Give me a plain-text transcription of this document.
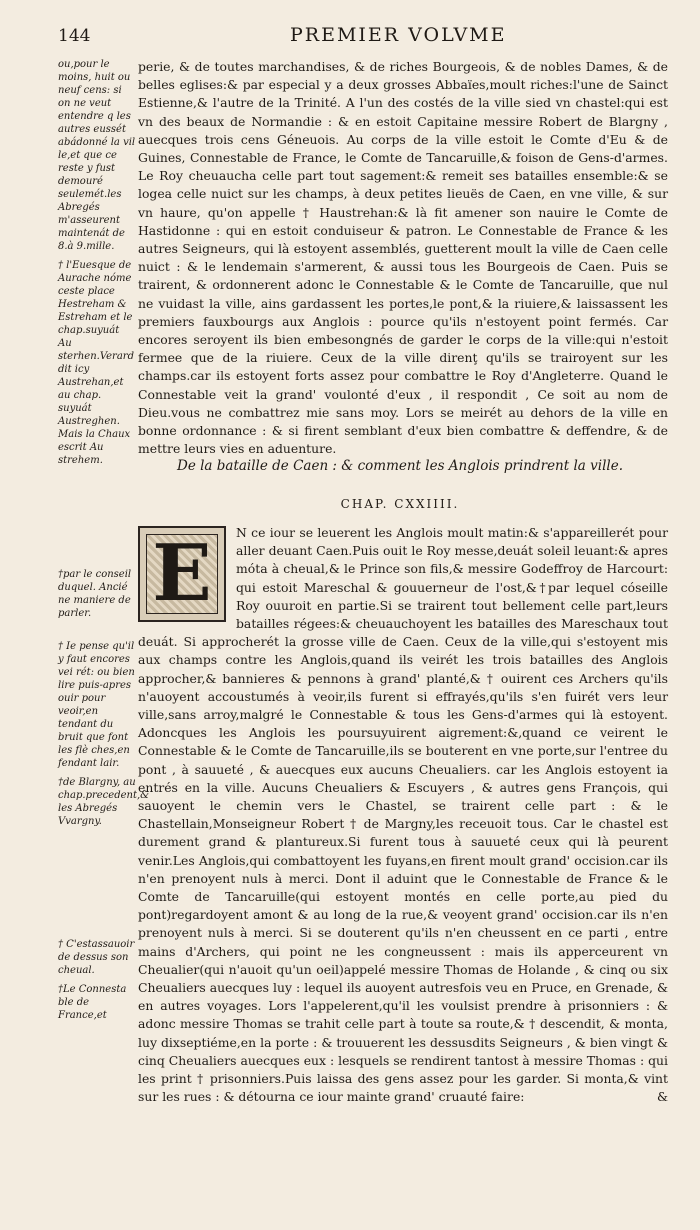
144	PREMIER VOLVME

ou,pour le moins, huit ou neuf cens: si on ne veut entendre q les autres eussét abádonné la vil le,et que ce reste y fust demouré seulemét.les Abregés m'asseurent maintenát de 8.à 9.mille.

† l'Euesque de Aurache nóme ceste place Hestreham & Estreham et le chap.suyuát Au sterhen.Verard dit icy Austrehan,et au chap. suyuát Austreghen. Mais la Chaux escrit Au strehem.

perie, & de toutes marchandises, & de riches Bourgeois, & de nobles Dames, & de belles eglises:& par especial y a deux grosses Abbaïes,moult riches:l'une de Sainct Estienne,& l'autre de la Trinité. A l'un des costés de la ville sied vn chastel:qui est vn des beaux de Normandie : & en estoit Capitaine messire Robert de Blargny , auecques trois cens Géneuois. Au corps de la ville estoit le Comte d'Eu & de Guines, Connestable de France, le Comte de Tancaruille,& foison de Gens-d'armes. Le Roy cheuaucha celle part tout sagement:& remeit ses batailles ensemble:& se logea celle nuict sur les champs, à deux petites lieuës de Caen, en vne ville, & sur vn haure, qu'on appelle † Haustrehan:& là fit amener son nauire le Comte de Hastidonne : qui en estoit conduiseur & patron. Le Connestable de France & les autres Seigneurs, qui là estoyent assemblés, guetterent moult la ville de Caen celle nuict : & le lendemain s'armerent, & aussi tous les Bourgeois de Caen. Puis se trairent, & ordonnerent adonc le Connestable & le Comte de Tancaruille, que nul ne vuidast la ville, ains gardassent les portes,le pont,& la riuiere,& laissassent les premiers fauxbourgs aux Anglois : pource qu'ils n'estoyent point fermés. Car encores seroyent ils bien embesongnés de garder le corps de la ville:qui n'estoit fermee que de la riuiere. Ceux de la ville direnţ qu'ils se trairoyent sur les champs.car ils estoyent forts assez pour combattre le Roy d'Angleterre. Quand le Connestable veit la grand' voulonté d'eux , il respondit , Ce soit au nom de Dieu.vous ne combattrez mie sans moy. Lors se meirét au dehors de la ville en bonne ordonnance : & si firent semblant d'eux bien combattre & deffendre, & de mettre leurs vies en aduenture.

De la bataille de Caen : & comment les Anglois prindrent la ville.
CHAP. CXXIIII.

†par le conseil duquel. Ancié ne maniere de parler.

† Ie pense qu'il y faut encores vei rét: ou bien lire puis-apres ouir pour veoir,en tendant du bruit que font les flè ches,en fendant lair.

†de Blargny, au chap.precedent,& les Abregés Vvargny.

† C'estassauoir de dessus son cheual.

†Le Connesta ble de France,et

E	N ce iour se leuerent les Anglois moult matin:& s'appareillerét pour aller deuant Caen.Puis ouit le Roy messe,deuát soleil leuant:& apres móta à cheual,& le Prince son fils,& messire Godeffroy de Harcourt: qui estoit Mareschal & gouuerneur de l'ost,&†par lequel cóseille Roy ouuroit en partie.Si se trairent tout bellement celle part,leurs batailles régees:& cheuauchoyent les batailles des Mareschaux tout deuát. Si approcherét la grosse ville de Caen. Ceux de la ville,qui s'estoyent mis aux champs contre les Anglois,quand ils veirét les trois batailles des Anglois approcher,& bannieres & pennons à grand' planté,& † ouirent ces Archers qu'ils n'auoyent accoustumés à veoir,ils furent si effrayés,qu'ils s'en fuirét vers leur ville,sans arroy,malgré le Connestable & tous les Gens-d'armes qui là estoyent. Adoncques les Anglois les poursuyuirent aigrement:&,quand ce veirent le Connestable & le Comte de Tancaruille,ils se bouterent en vne porte,sur l'entree du pont , à sauueté , & auecques eux aucuns Cheualiers. car les Anglois estoyent ia entrés en la ville. Aucuns Cheualiers & Escuyers , & autres gens François, qui sauoyent le chemin vers le Chastel, se trairent celle part : & le Chastellain,Monseigneur Robert † de Margny,les receuoit tous. Car le chastel est durement grand & plantureux.Si furent tous à sauueté ceux qui là peurent venir.Les Anglois,qui combattoyent les fuyans,en firent moult grand' occision.car ils n'en prenoyent nuls à merci. Dont il aduint que le Connestable de France & le Comte de Tancaruille(qui estoyent montés en celle porte,au pied du pont)regardoyent amont & au long de la rue,& veoyent grand' occision.car ils n'en prenoyent nuls à merci. Si se douterent qu'ils n'en cheussent en ce parti , entre mains d'Archers, qui point ne les congneussent : mais ils apperceurent vn Cheualier(qui n'auoit qu'un oeil)appelé messire Thomas de Holande , & cinq ou six Cheualiers auecques luy : lequel ils auoyent autresfois veu en Pruce, en Grenade, & en autres voyages. Lors l'appelerent,qu'il les voulsist prendre à prisonniers : & adonc messire Thomas se trahit celle part à toute sa route,& † descendit, & monta, luy dixseptiéme,en la porte : & trouuerent les dessusdits Seigneurs , & bien vingt & cinq Cheualiers auecques eux : lesquels se rendirent tantost à messire Thomas : qui les print † prisonniers.Puis laissa des gens assez pour les garder. Si monta,& vint sur les rues : & détourna ce iour mainte grand' cruauté faire:	&
